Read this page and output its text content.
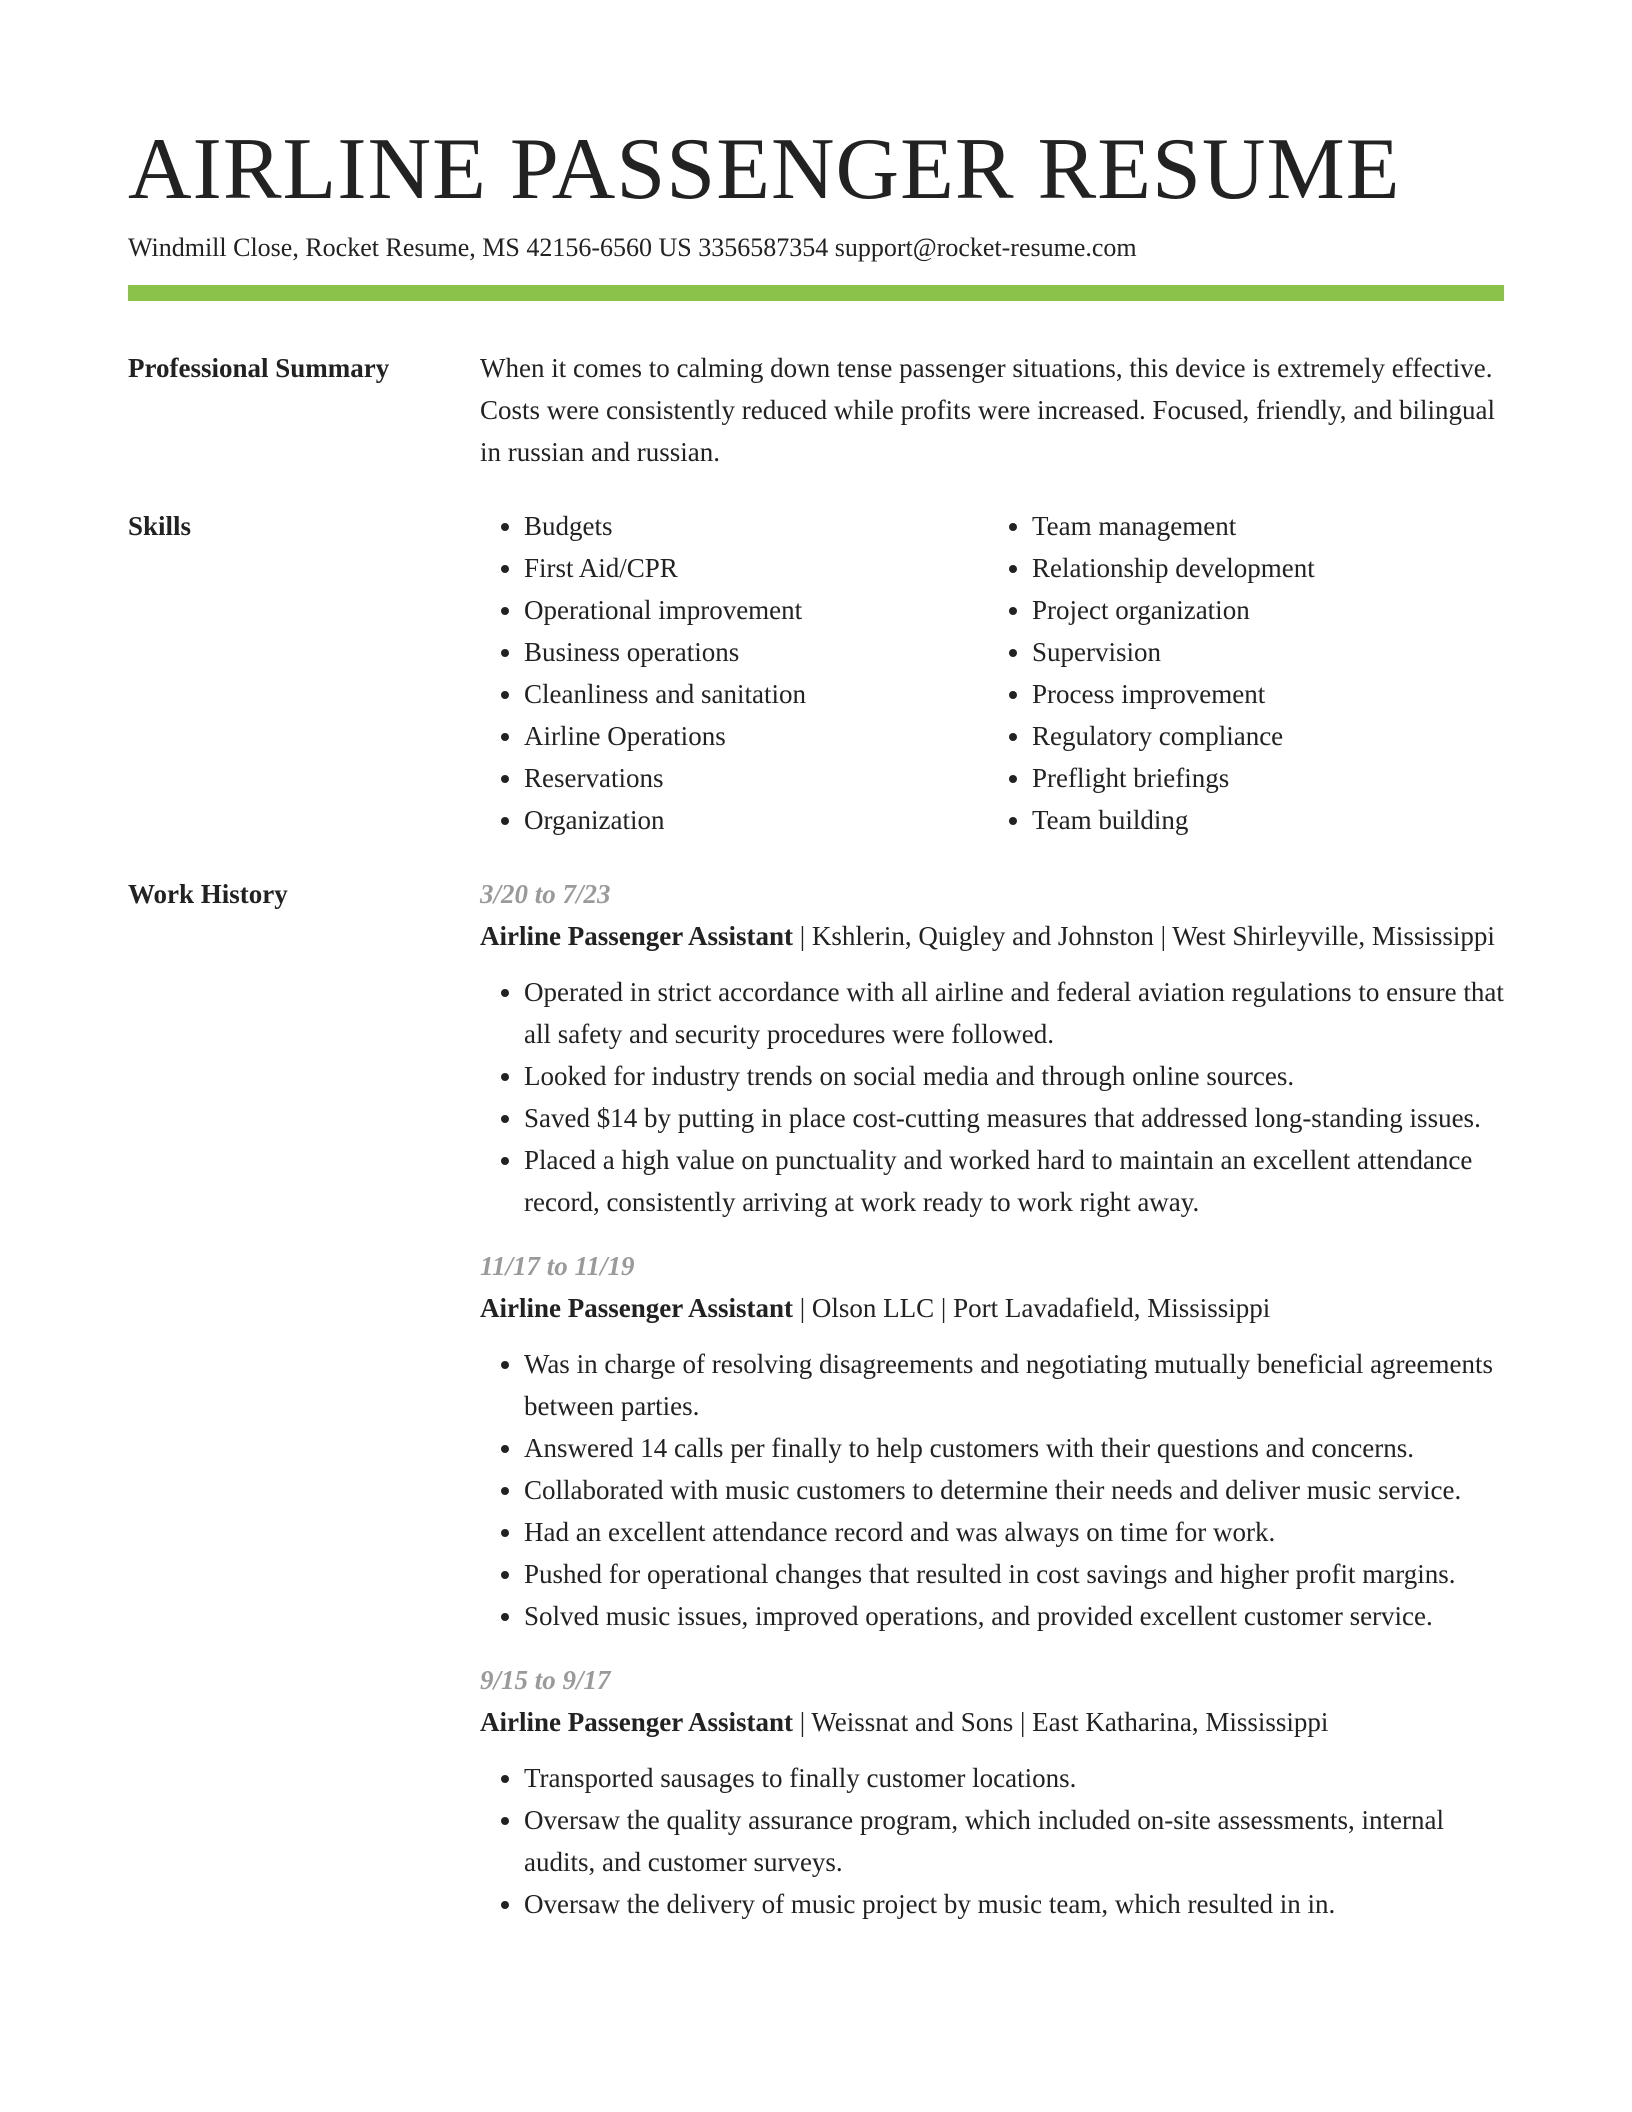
AIRLINE PASSENGER RESUME
Windmill Close, Rocket Resume, MS 42156-6560 US 3356587354 support@rocket-resume.com
Professional Summary	When it comes to calming down tense passenger situations, this device is extremely effective. Costs were consistently reduced while profits were increased. Focused, friendly, and bilingual in russian and russian.

Skills
•	Budgets
• First Aid/CPR
• Operational improvement
• Business operations
• Cleanliness and sanitation
• Airline Operations
• Reservations
• Organization
• Team management
• Relationship development
• Project organization
• Supervision
• Process improvement
• Regulatory compliance
• Preflight briefings
• Team building
Work History	3/20 to 7/23
Airline Passenger Assistant | Kshlerin, Quigley and Johnston | West Shirleyville, Mississippi
• Operated in strict accordance with all airline and federal aviation regulations to ensure that all safety and security procedures were followed.
• Looked for industry trends on social media and through online sources.
• Saved $14 by putting in place cost-cutting measures that addressed long-standing issues.
• Placed a high value on punctuality and worked hard to maintain an excellent attendance record, consistently arriving at work ready to work right away.
11/17 to 11/19
Airline Passenger Assistant | Olson LLC | Port Lavadafield, Mississippi
• Was in charge of resolving disagreements and negotiating mutually beneficial agreements between parties.
• Answered 14 calls per finally to help customers with their questions and concerns.
• Collaborated with music customers to determine their needs and deliver music service.
• Had an excellent attendance record and was always on time for work.
• Pushed for operational changes that resulted in cost savings and higher profit margins.
• Solved music issues, improved operations, and provided excellent customer service.
9/15 to 9/17
Airline Passenger Assistant | Weissnat and Sons | East Katharina, Mississippi
• Transported sausages to finally customer locations.
• Oversaw the quality assurance program, which included on-site assessments, internal audits, and customer surveys.
• Oversaw the delivery of music project by music team, which resulted in in.
